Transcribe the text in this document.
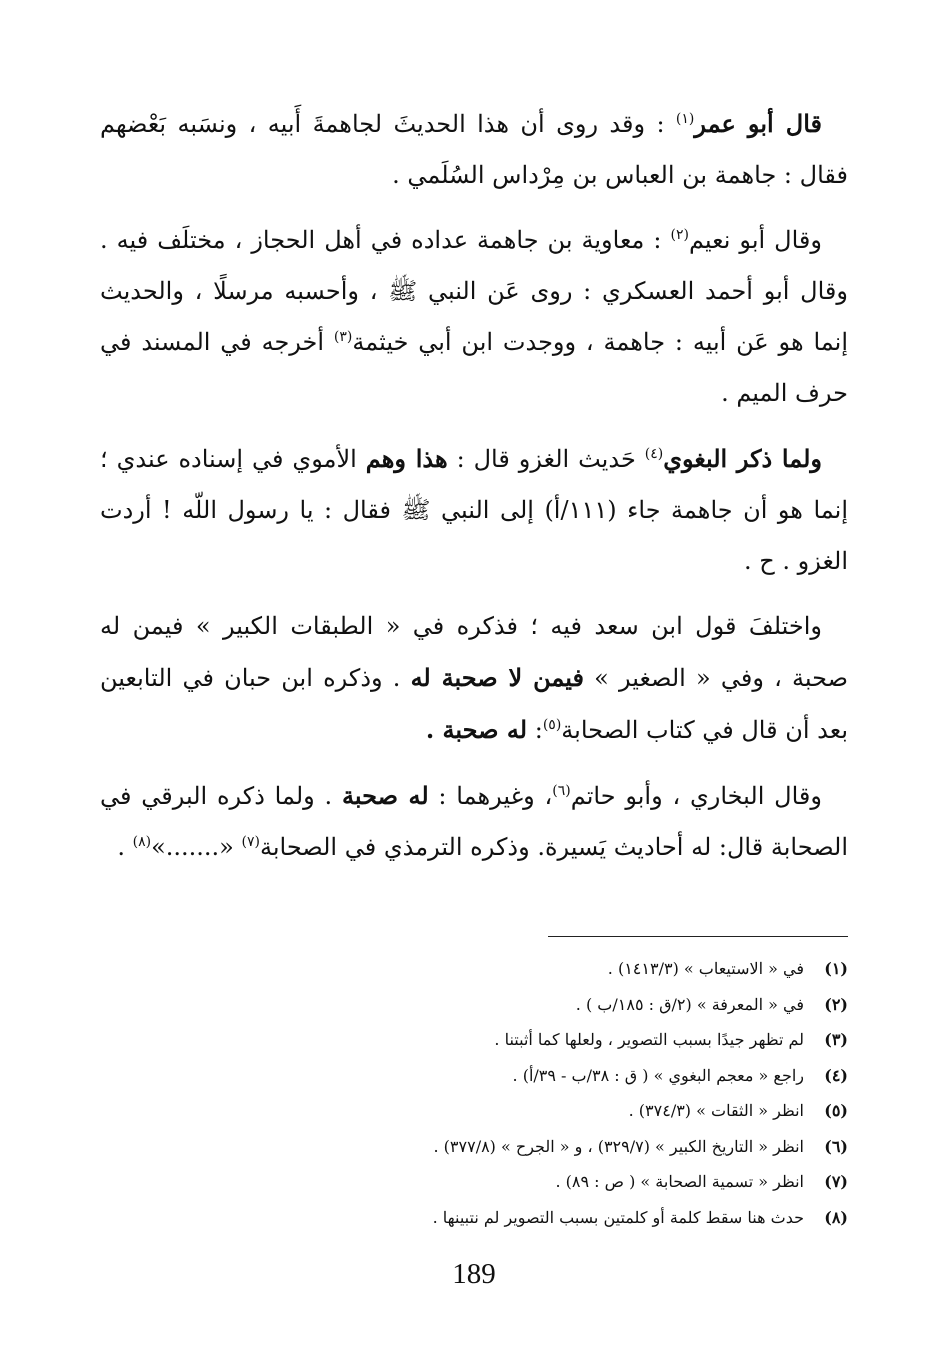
قال أبو عمر$^{(١)}$ : وقد روى أن هذا الحديثَ لجاهمةَ أَبيه ، ونسَبه بَعْضهم فقال : جاهمة بن العباس بن مِرْداس السُلَمي .

وقال أبو نعيم$^{(٢)}$ : معاوية بن جاهمة عداده في أهل الحجاز ، مختلَف فيه . وقال أبو أحمد العسكري : روى عَن النبي ﷺ ، وأحسبه مرسلًا ، والحديث إنما هو عَن أبيه : جاهمة ، ووجدت ابن أبي خيثمة$^{(٣)}$ أخرجه في المسند في حرف الميم .

ولما ذكر البغوي$^{(٤)}$ حَديث الغزو قال : هذا وهم الأموي في إسناده عندي ؛ إنما هو أن جاهمة جاء (١١١/أ) إلى النبي ﷺ فقال : يا رسول اللّه ! أردت الغزو . ح .

واختلفَ قول ابن سعد فيه ؛ فذكره في « الطبقات الكبير » فيمن له صحبة ، وفي « الصغير » فيمن لا صحبة له . وذكره ابن حبان في التابعين بعد أن قال في كتاب الصحابة$^{(٥)}$: له صحبة .

وقال البخاري ، وأبو حاتم$^{(٦)}$، وغيرهما : له صحبة . ولما ذكره البرقي في الصحابة قال: له أحاديث يَسيرة. وذكره الترمذي في الصحابة$^{(٧)}$ ‏«.......»$^{(٨)}$ .

(١)
في « الاستيعاب » (١٤١٣/٣) .
(٢)
في « المعرفة » (٢/ق : ١٨٥/ب ) .
(٣)
لم تظهر جيدًا بسبب التصوير ، ولعلها كما أثبتنا .
(٤)
راجع « معجم البغوي » ( ق : ٣٨/ب - ٣٩/أ) .
(٥)
انظر « الثقات » (٣٧٤/٣) .
(٦)
انظر « التاريخ الكبير » (٣٢٩/٧) ، و « الجرح » (٣٧٧/٨) .
(٧)
انظر « تسمية الصحابة » ( ص : ٨٩) .
(٨)
حدث هنا سقط كلمة أو كلمتين بسبب التصوير لم نتبينها .
189
